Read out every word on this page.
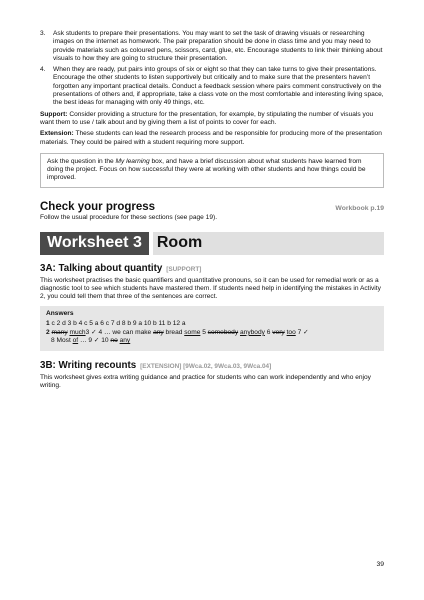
3. Ask students to prepare their presentations. You may want to set the task of drawing visuals or researching images on the internet as homework. The pair preparation should be done in class time and you may need to provide materials such as coloured pens, scissors, card, glue, etc. Encourage students to link their thinking about visuals to how they are going to structure their presentation.
4. When they are ready, put pairs into groups of six or eight so that they can take turns to give their presentations. Encourage the other students to listen supportively but critically and to make sure that the presenters haven’t forgotten any important practical details. Conduct a feedback session where pairs comment constructively on the presentations of others and, if appropriate, take a class vote on the most comfortable and interesting living space, the best ideas for managing with only 49 things, etc.

Support: Consider providing a structure for the presentation, for example, by stipulating the number of visuals you want them to use / talk about and by giving them a list of points to cover for each.

Extension: These students can lead the research process and be responsible for producing more of the presentation materials. They could be paired with a student requiring more support.

Ask the question in the My learning box, and have a brief discussion about what students have learned from doing the project. Focus on how successful they were at working with other students and how things could be improved.
Check your progress	Workbook p.19
Follow the usual procedure for these sections (see page 19).
Worksheet 3 Room
3A: Talking about quantity [SUPPORT]

This worksheet practises the basic quantifiers and quantitative pronouns, so it can be used for remedial work or as a diagnostic tool to see which students have mastered them. If students need help in identifying the mistakes in Activity 2, you could tell them that three of the sentences are correct.

Answers
1 c 2 d 3 b 4 c 5 a 6 c 7 d 8 b 9 a 10 b 11 b 12 a
2 many much3 ✓ 4 … we can make any bread some 5 somebody anybody 6 very too 7 ✓
8 Most of … 9 ✓ 10 no any
3B: Writing recounts [EXTENSION] [9Wca.02, 9Wca.03, 9Wca.04]

This worksheet gives extra writing guidance and practice for students who can work independently and who enjoy writing.

39
